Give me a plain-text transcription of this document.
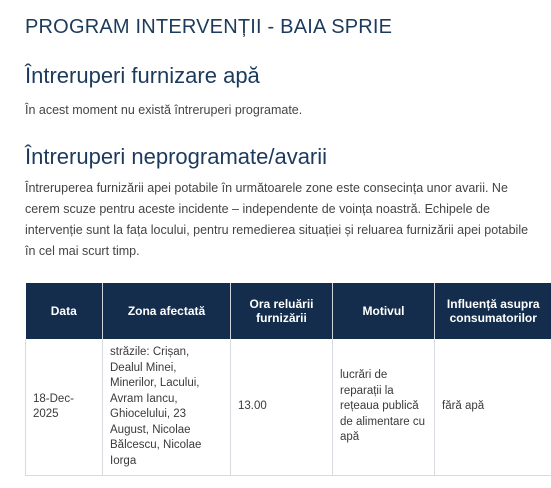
PROGRAM INTERVENȚII - BAIA SPRIE
Întreruperi furnizare apă

În acest moment nu există întreruperi programate.

Întreruperi neprogramate/avarii

Întreruperea furnizării apei potabile în următoarele zone este consecința unor avarii. Ne cerem scuze pentru aceste incidente – independente de voința noastră. Echipele de intervenție sunt la fața locului, pentru remedierea situației și reluarea furnizării apei potabile în cel mai scurt timp.

Data	Zona afectată	Ora reluării furnizării	Motivul	Influență asupra consumatorilor
18-Dec-2025	străzile: Crișan, Dealul Minei, Minerilor, Lacului, Avram Iancu, Ghiocelului, 23 August, Nicolae Bălcescu, Nicolae Iorga	13.00	lucrări de reparații la rețeaua publică de alimentare cu apă	fără apă
